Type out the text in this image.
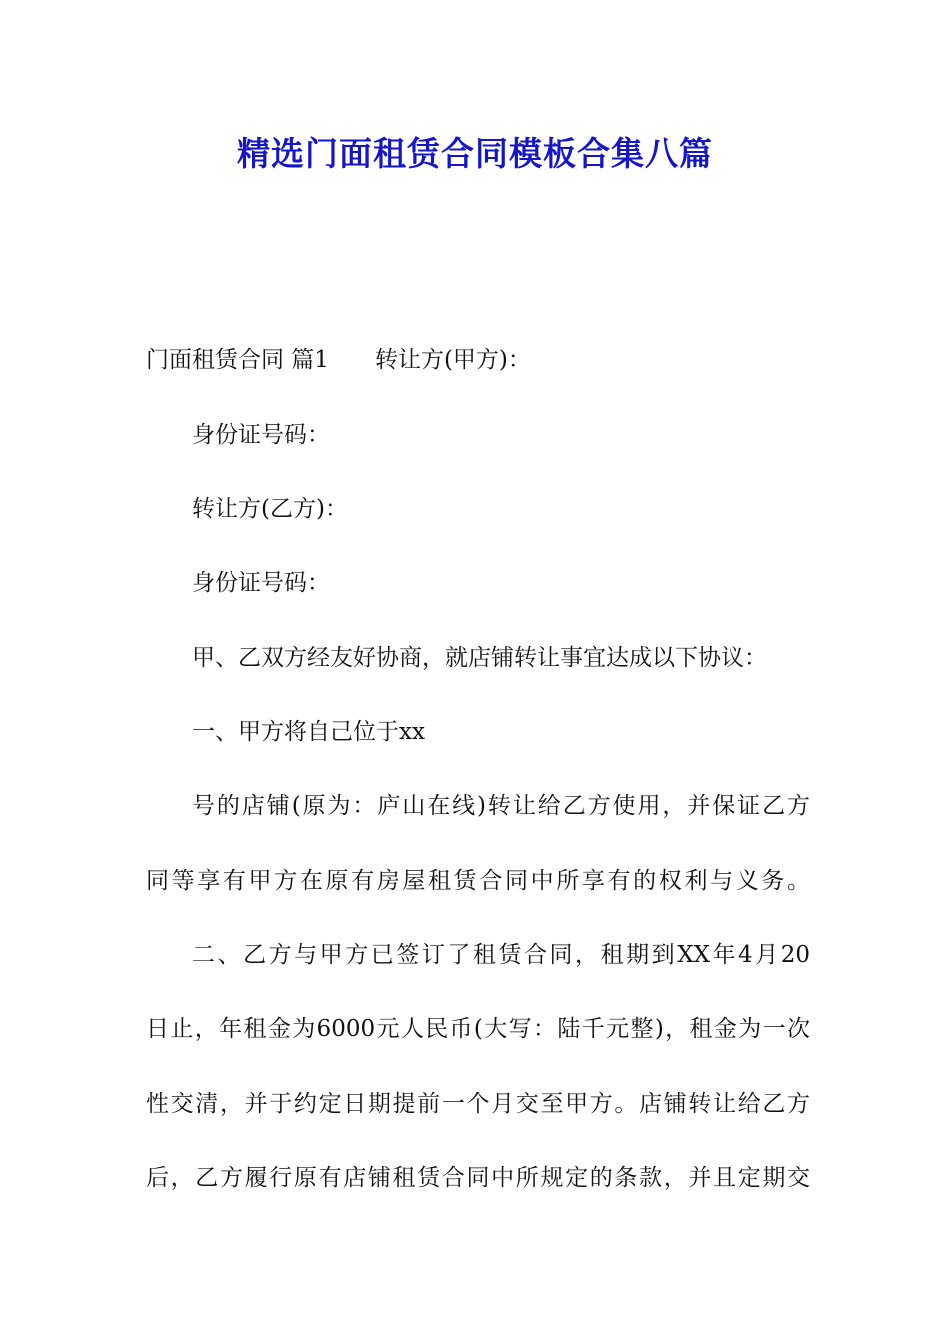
精选门面租赁合同模板合集八篇

门面租赁合同 篇1 转让方(甲方)：

身份证号码：

转让方(乙方)：

身份证号码：

甲、乙双方经友好协商，就店铺转让事宜达成以下协议：

一、甲方将自己位于xx

号的店铺(原为：庐山在线)转让给乙方使用，并保证乙方

同等享有甲方在原有房屋租赁合同中所享有的权利与义务。

二、乙方与甲方已签订了租赁合同，租期到XX年4月20

日止，年租金为6000元人民币(大写：陆千元整)，租金为一次

性交清，并于约定日期提前一个月交至甲方。店铺转让给乙方

后，乙方履行原有店铺租赁合同中所规定的条款，并且定期交
